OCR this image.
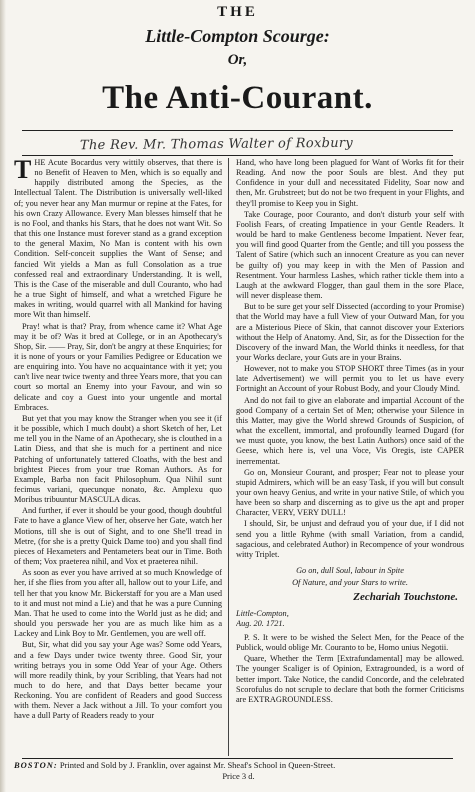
THE
Little-Compton Scourge:
Or,
The Anti-Courant.
The Rev. Mr. Thomas Walter of Roxbury

THE Acute Bocardus very wittily observes, that there is no Benefit of Heaven to Men, which is so equally and happily distributed among the Species, as the Intellectual Talent. The Distribution is universally well-liked of; you never hear any Man murmur or repine at the Fates, for his own Crazy Allowance. Every Man blesses himself that he is no Fool, and thanks his Stars, that he does not want Wit. So that this one Instance must forever stand as a grand exception to the general Maxim, No Man is content with his own Condition. Self-conceit supplies the Want of Sense; and fancied Wit yields a Man as full Consolation as a true confessed real and extraordinary Understanding. It is well, This is the Case of the miserable and dull Couranto, who had he a true Sight of himself, and what a wretched Figure he makes in writing, would quarrel with all Mankind for having more Wit than himself.

Pray! what is that? Pray, from whence came it? What Age may it be of? Was it bred at College, or in an Apothecary's Shop, Sir. —— Pray, Sir, don't be angry at these Enquiries; for it is none of yours or your Families Pedigree or Education we are enquiring into. You have no acquaintance with it yet; you can't live near twice twenty and three Years more, that you can court so mortal an Enemy into your Favour, and win so delicate and coy a Guest into your ungentle and mortal Embraces.

But yet that you may know the Stranger when you see it (if it be possible, which I much doubt) a short Sketch of her, Let me tell you in the Name of an Apothecary, she is clouthed in a Latin Diess, and that she is much for a pertinent and nice Patching of unfortunately tattered Cloaths, with the best and brightest Pieces from your true Roman Authors. As for Example, Barba non facit Philosophum. Qua Nihil sunt fecimus variani, quecunque nonato, &c. Amplexu quo Moribus tribuuntur MASCULA dicas.

And further, if ever it should be your good, though doubtful Fate to have a glance View of her, observe her Gate, watch her Motions, till she is out of Sight, and to one She'll tread in Metre, (for she is a pretty Quick Dame too) and you shall find pieces of Hexameters and Pentameters beat our in Time. Both of them; Vox praeterea nihil, and Vox et praeterea nihil.

As soon as ever you have arrived at so much Knowledge of her, if she flies from you after all, hallow out to your Life, and tell her that you know Mr. Bickerstaff for you are a Man used to it and must not mind a Lie) and that he was a pure Cunning Man. That he used to come into the World just as he did; and should you perswade her you are as much like him as a Lackey and Link Boy to Mr. Gentlemen, you are well off.

But, Sir, what did you say your Age was? Some odd Years, and a few Days under twice twenty three. Good Sir, your writing betrays you in some Odd Year of your Age. Others will more readily think, by your Scribling, that Years had not much to do here, and that Days better became your Reckoning. You are confident of Readers and good Success with them. Never a Jack without a Jill. To your comfort you have a dull Party of Readers ready to your

Hand, who have long been plagued for Want of Works fit for their Reading. And now the poor Souls are blest. And they put Confidence in your dull and necessitated Fidelity, Soar now and then, Mr. Grubstreet; but do not be two frequent in your Flights, and they'll promise to Keep you in Sight.

Take Courage, poor Couranto, and don't disturb your self with Foolish Fears, of creating Impatience in your Gentle Readers. It would be hard to make Gentleness become Impatient. Never fear, you will find good Quarter from the Gentle; and till you possess the Talent of Satire (which such an innocent Creature as you can never be guilty of) you may keep in with the Men of Passion and Resentment. Your harmless Lashes, which rather tickle them into a Laugh at the awkward Flogger, than gaul them in the sore Place, will never displease them.

But to be sure get your self Dissected (according to your Promise) that the World may have a full View of your Outward Man, for you are a Misterious Piece of Skin, that cannot discover your Exteriors without the Help of Anatomy. And, Sir, as for the Dissection for the Discovery of the inward Man, the World thinks it needless, for that your Works declare, your Guts are in your Brains.

However, not to make you STOP SHORT three Times (as in your late Advertisement) we will permit you to let us have every Fortnight an Account of your Robust Body, and your Cloudy Mind.

And do not fail to give an elaborate and impartial Account of the good Company of a certain Set of Men; otherwise your Silence in this Matter, may give the World shrewd Grounds of Suspicion, of what the excellent, immortal, and profoundly learned Dugard (for we must quote, you know, the best Latin Authors) once said of the Geese, which here is, vel una Voce, Vis Oregis, iste CAPER inerrementat.

Go on, Monsieur Courant, and prosper; Fear not to please your stupid Admirers, which will be an easy Task, if you will but consult your own heavy Genius, and write in your native Stile, of which you have been so sharp and discerning as to give us the apt and proper Character, VERY, VERY DULL!

I should, Sir, be unjust and defraud you of your due, if I did not send you a little Ryhme (with small Variation, from a candid, sagacious, and celebrated Author) in Recompence of your wondrous witty Triplet.

Go on, dull Soul, labour in Spite
Of Nature, and your Stars to write.
Zechariah Touchstone.
Little-Compton,
Aug. 20. 1721.

P. S. It were to be wished the Select Men, for the Peace of the Publick, would oblige Mr. Couranto to be, Homo unius Negotii.

Quare, Whether the Term [Extrafundamental] may be allowed. The younger Scaliger is of Opinion, Extragrounded, is a word of better import. Take Notice, the candid Concorde, and the celebrated Scorofulus do not scruple to declare that both the former Criticisms are EXTRAGROUNDLESS.

BOSTON: Printed and Sold by J. Franklin, over against Mr. Sheaf's School in Queen-Street.
Price 3 d.
